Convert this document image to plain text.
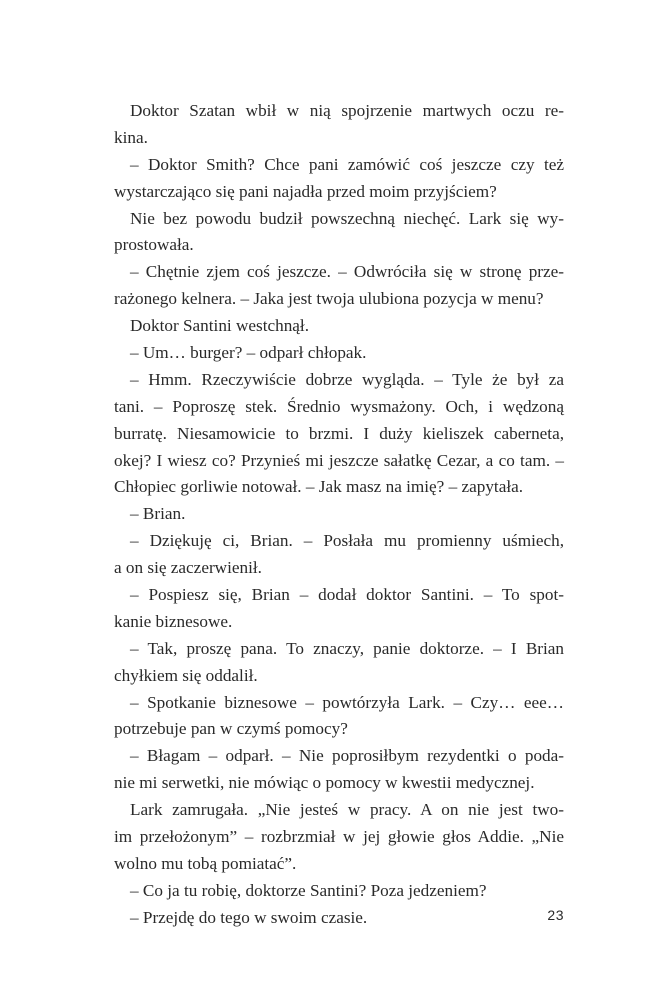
Doktor Szatan wbił w nią spojrzenie martwych oczu re-
kina.
– Doktor Smith? Chce pani zamówić coś jeszcze czy też
wystarczająco się pani najadła przed moim przyjściem?
Nie bez powodu budził powszechną niechęć. Lark się wy-
prostowała.
– Chętnie zjem coś jeszcze. – Odwróciła się w stronę prze-
rażonego kelnera. – Jaka jest twoja ulubiona pozycja w menu?
Doktor Santini westchnął.
– Um… burger? – odparł chłopak.
– Hmm. Rzeczywiście dobrze wygląda. – Tyle że był za
tani. – Poproszę stek. Średnio wysmażony. Och, i wędzoną
burratę. Niesamowicie to brzmi. I duży kieliszek caberneta,
okej? I wiesz co? Przynieś mi jeszcze sałatkę Cezar, a co tam. –
Chłopiec gorliwie notował. – Jak masz na imię? – zapytała.
– Brian.
– Dziękuję ci, Brian. – Posłała mu promienny uśmiech,
a on się zaczerwienił.
– Pospiesz się, Brian – dodał doktor Santini. – To spot-
kanie biznesowe.
– Tak, proszę pana. To znaczy, panie doktorze. – I Brian
chyłkiem się oddalił.
– Spotkanie biznesowe – powtórzyła Lark. – Czy… eee…
potrzebuje pan w czymś pomocy?
– Błagam – odparł. – Nie poprosiłbym rezydentki o poda-
nie mi serwetki, nie mówiąc o pomocy w kwestii medycznej.
Lark zamrugała. „Nie jesteś w pracy. A on nie jest two-
im przełożonym” – rozbrzmiał w jej głowie głos Addie. „Nie
wolno mu tobą pomiatać”.
– Co ja tu robię, doktorze Santini? Poza jedzeniem?
– Przejdę do tego w swoim czasie.	23
